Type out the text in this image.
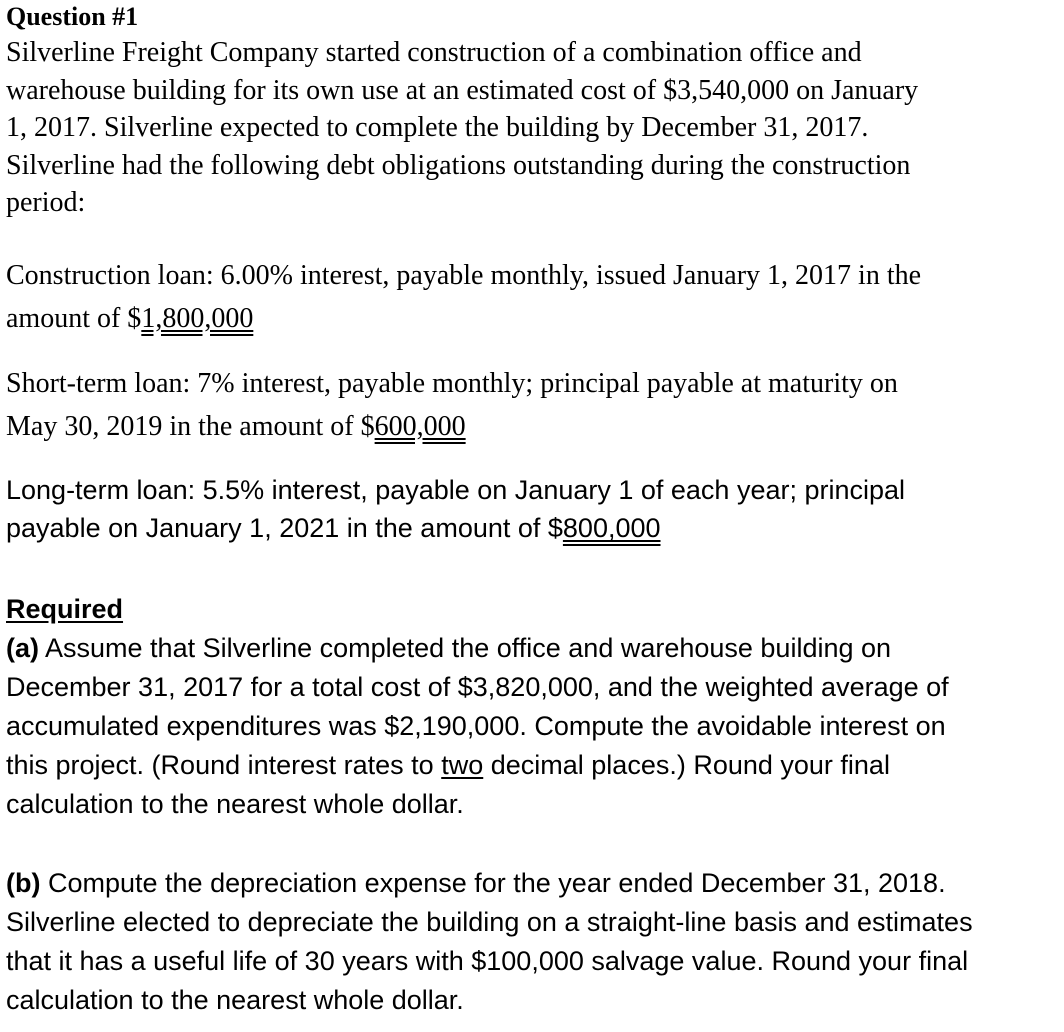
Question #1
Silverline Freight Company started construction of a combination office and
warehouse building for its own use at an estimated cost of $3,540,000 on January
1, 2017. Silverline expected to complete the building by December 31, 2017.
Silverline had the following debt obligations outstanding during the construction
period:
Construction loan: 6.00% interest, payable monthly, issued January 1, 2017 in the
amount of $1,800,000
Short-term loan: 7% interest, payable monthly; principal payable at maturity on
May 30, 2019 in the amount of $600,000
Long-term loan: 5.5% interest, payable on January 1 of each year; principal
payable on January 1, 2021 in the amount of $800,000
Required
(a) Assume that Silverline completed the office and warehouse building on
December 31, 2017 for a total cost of $3,820,000, and the weighted average of
accumulated expenditures was $2,190,000. Compute the avoidable interest on
this project. (Round interest rates to two decimal places.) Round your final
calculation to the nearest whole dollar.
(b) Compute the depreciation expense for the year ended December 31, 2018.
Silverline elected to depreciate the building on a straight-line basis and estimates
that it has a useful life of 30 years with $100,000 salvage value. Round your final
calculation to the nearest whole dollar.
